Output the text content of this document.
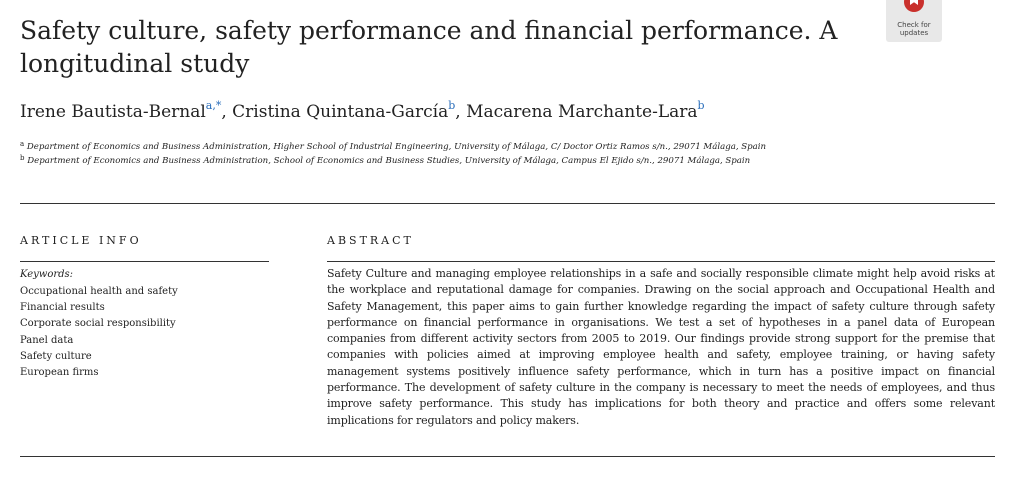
Safety culture, safety performance and financial performance. A longitudinal study
Check for
updates
Irene Bautista-Bernal$^{a,*}$, Cristina Quintana-García$^b$, Macarena Marchante-Lara$^b$
$^a$ Department of Economics and Business Administration, Higher School of Industrial Engineering, University of Málaga, C/ Doctor Ortiz Ramos s/n., 29071 Málaga, Spain
$^b$ Department of Economics and Business Administration, School of Economics and Business Studies, University of Málaga, Campus El Ejido s/n., 29071 Málaga, Spain
ARTICLE INFO
Keywords:
Occupational health and safety
Financial results
Corporate social responsibility
Panel data
Safety culture
European firms
ABSTRACT

Safety Culture and managing employee relationships in a safe and socially responsible climate might help avoid risks at the workplace and reputational damage for companies. Drawing on the social approach and Occupational Health and Safety Management, this paper aims to gain further knowledge regarding the impact of safety culture through safety performance on financial performance in organisations. We test a set of hypotheses in a panel data of European companies from different activity sectors from 2005 to 2019. Our findings provide strong support for the premise that companies with policies aimed at improving employee health and safety, employee training, or having safety management systems positively influence safety performance, which in turn has a positive impact on financial performance. The development of safety culture in the company is necessary to meet the needs of employees, and thus improve safety performance. This study has implications for both theory and practice and offers some relevant implications for regulators and policy makers.
